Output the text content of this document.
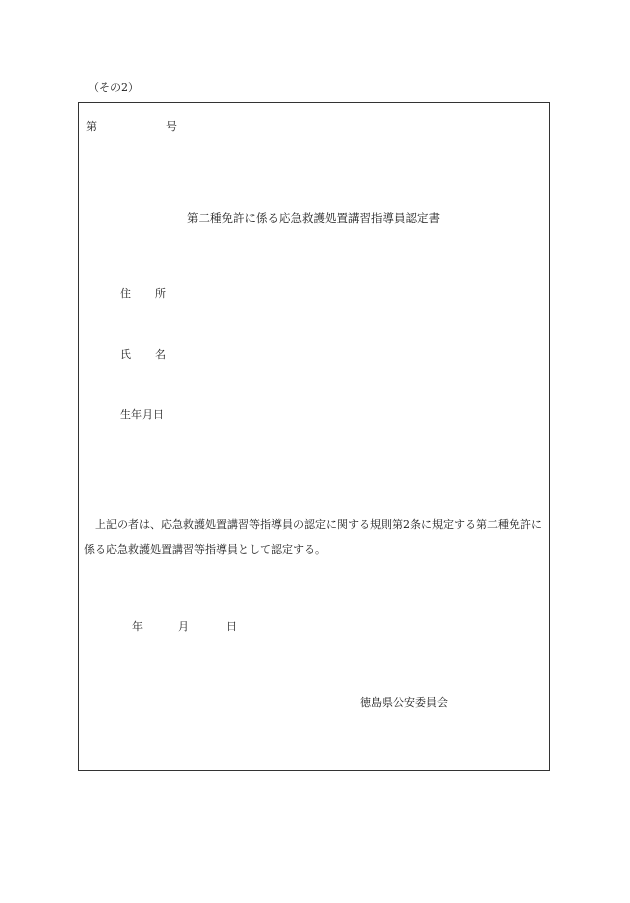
（その2）
第	号
第二種免許に係る応急救護処置講習指導員認定書
住 所
氏 名
生年月日
上記の者は、応急救護処置講習等指導員の認定に関する規則第2条に規定する第二種免許に係る応急救護処置講習等指導員として認定する。
年	月	日
徳島県公安委員会
